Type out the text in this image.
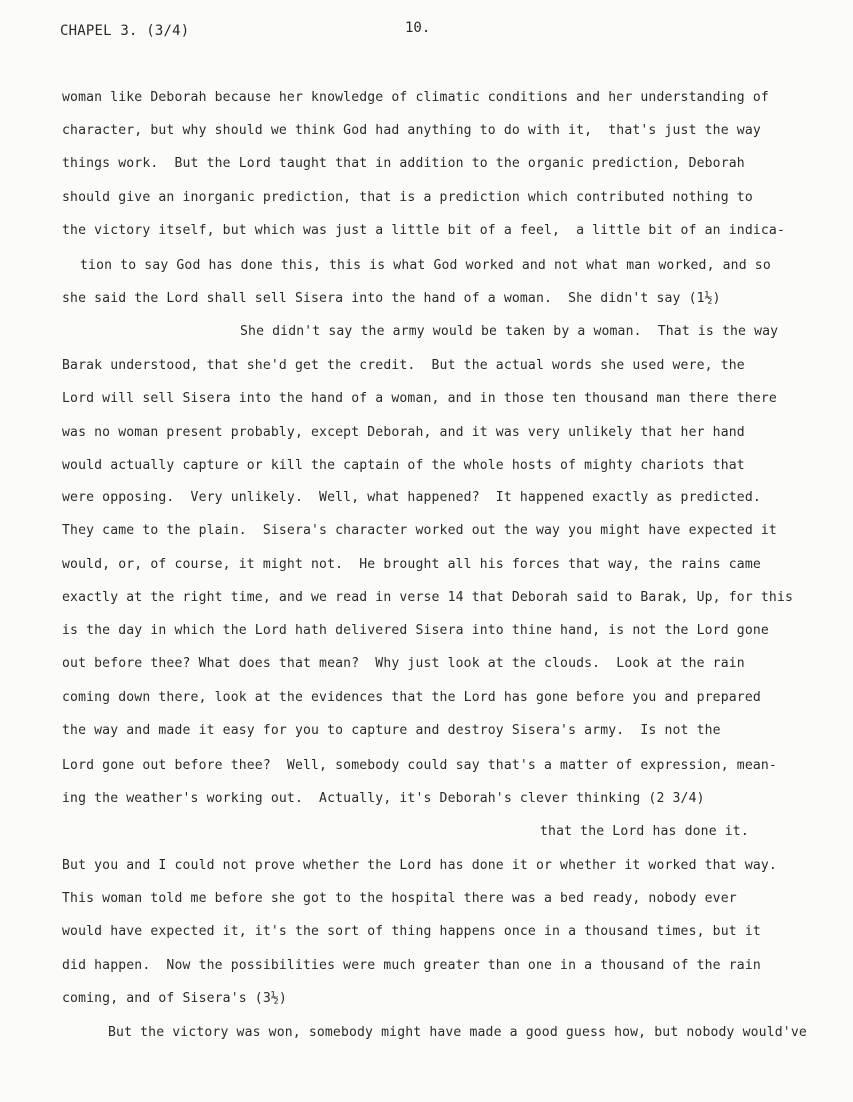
CHAPEL 3. (3/4)	10.
woman like Deborah because her knowledge of climatic conditions and her understanding of
character, but why should we think God had anything to do with it,  that's just the way
things work.  But the Lord taught that in addition to the organic prediction, Deborah
should give an inorganic prediction, that is a prediction which contributed nothing to
the victory itself, but which was just a little bit of a feel,  a little bit of an indica-
tion to say God has done this, this is what God worked and not what man worked, and so
she said the Lord shall sell Sisera into the hand of a woman.  She didn't say (1½)
She didn't say the army would be taken by a woman.  That is the way
Barak understood, that she'd get the credit.  But the actual words she used were, the
Lord will sell Sisera into the hand of a woman, and in those ten thousand man there there
was no woman present probably, except Deborah, and it was very unlikely that her hand
would actually capture or kill the captain of the whole hosts of mighty chariots that
were opposing.  Very unlikely.  Well, what happened?  It happened exactly as predicted.
They came to the plain.  Sisera's character worked out the way you might have expected it
would, or, of course, it might not.  He brought all his forces that way, the rains came
exactly at the right time, and we read in verse 14 that Deborah said to Barak, Up, for this
is the day in which the Lord hath delivered Sisera into thine hand, is not the Lord gone
out before thee? What does that mean?  Why just look at the clouds.  Look at the rain
coming down there, look at the evidences that the Lord has gone before you and prepared
the way and made it easy for you to capture and destroy Sisera's army.  Is not the
Lord gone out before thee?  Well, somebody could say that's a matter of expression, mean-
ing the weather's working out.  Actually, it's Deborah's clever thinking (2 3/4)
that the Lord has done it.
But you and I could not prove whether the Lord has done it or whether it worked that way.
This woman told me before she got to the hospital there was a bed ready, nobody ever
would have expected it, it's the sort of thing happens once in a thousand times, but it
did happen.  Now the possibilities were much greater than one in a thousand of the rain
coming, and of Sisera's (3½)
But the victory was won, somebody might have made a good guess how, but nobody would've
